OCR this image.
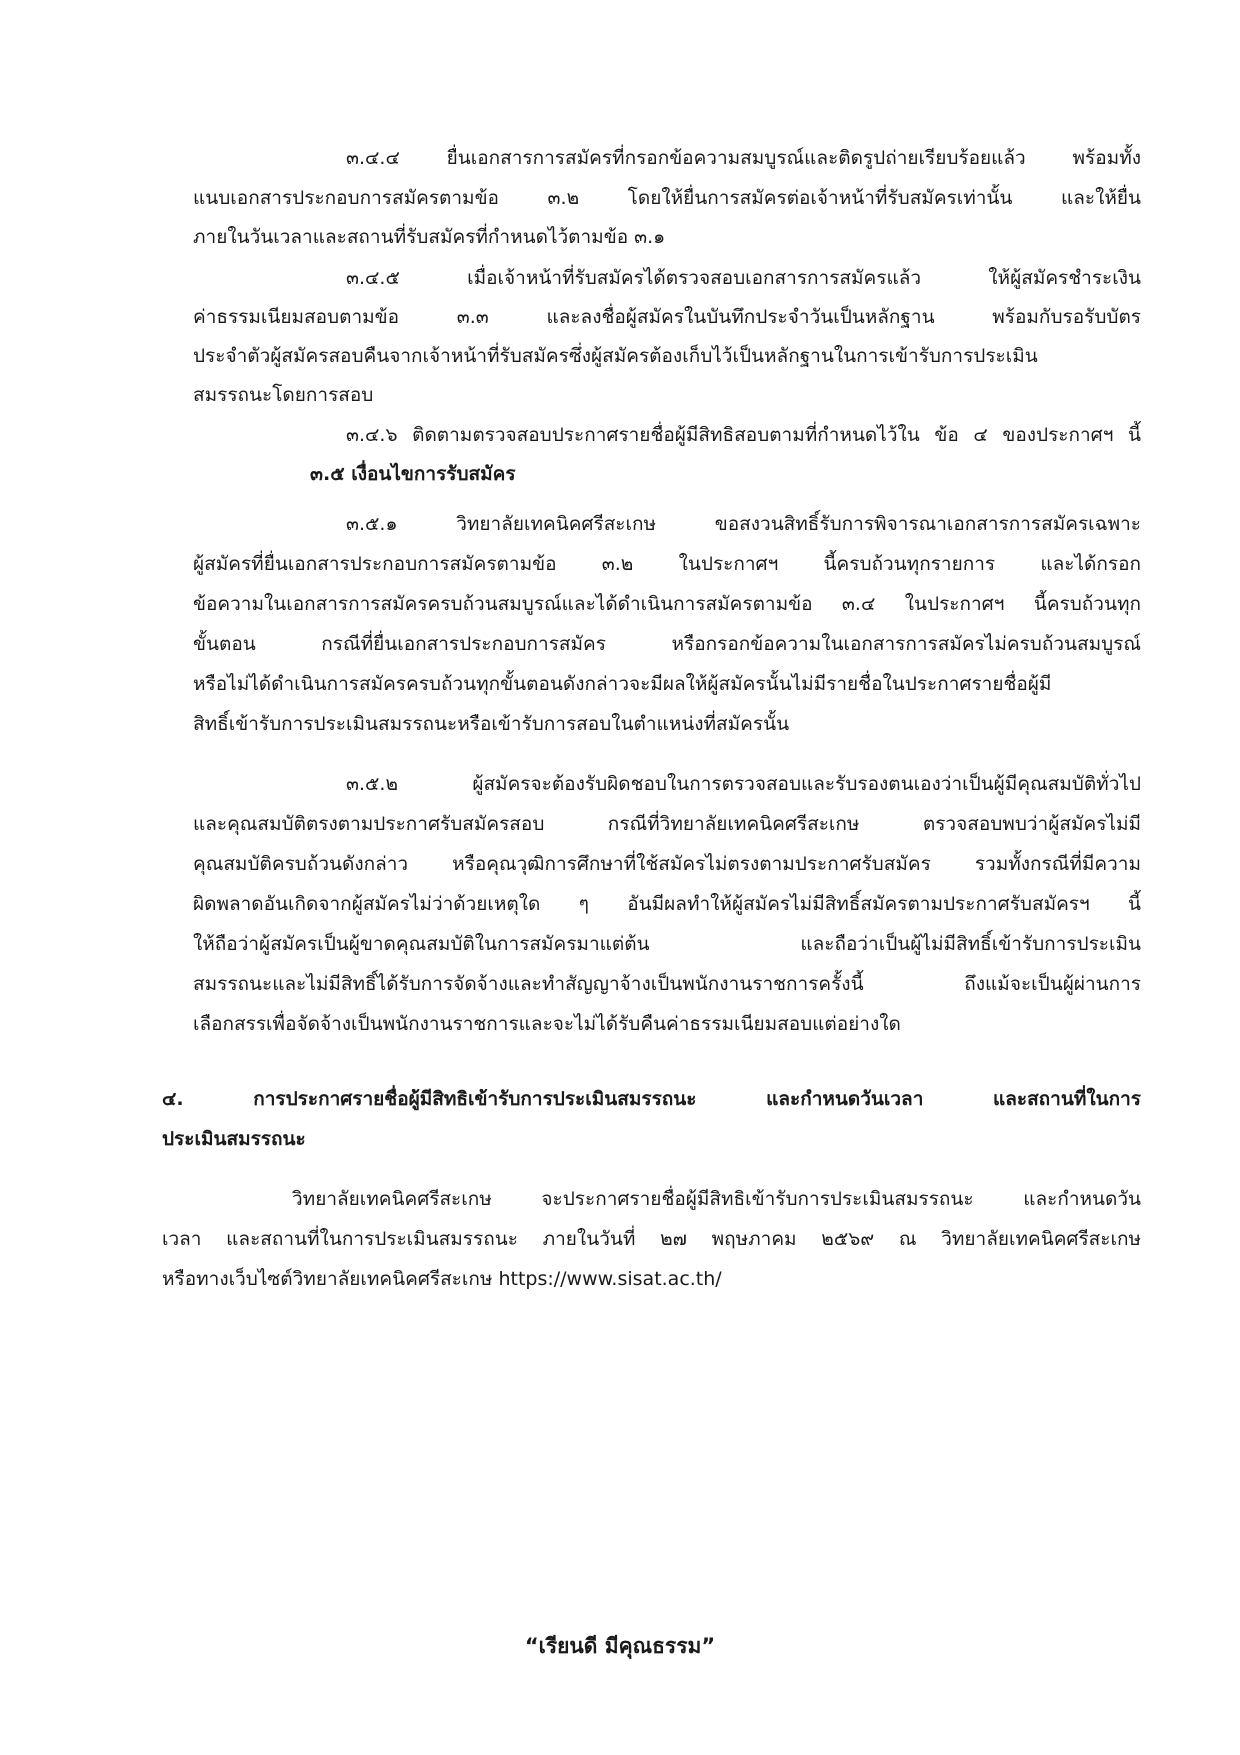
๓.๔.๔ ยื่นเอกสารการสมัครที่กรอกข้อความสมบูรณ์และติดรูปถ่ายเรียบร้อยแล้ว พร้อมทั้ง

แนบเอกสารประกอบการสมัครตามข้อ ๓.๒ โดยให้ยื่นการสมัครต่อเจ้าหน้าที่รับสมัครเท่านั้น และให้ยื่น

ภายในวันเวลาและสถานที่รับสมัครที่กำหนดไว้ตามข้อ ๓.๑

๓.๔.๕ เมื่อเจ้าหน้าที่รับสมัครได้ตรวจสอบเอกสารการสมัครแล้ว ให้ผู้สมัครชำระเงิน

ค่าธรรมเนียมสอบตามข้อ ๓.๓ และลงชื่อผู้สมัครในบันทึกประจำวันเป็นหลักฐาน พร้อมกับรอรับบัตร

ประจำตัวผู้สมัครสอบคืนจากเจ้าหน้าที่รับสมัครซึ่งผู้สมัครต้องเก็บไว้เป็นหลักฐานในการเข้ารับการประเมิน

สมรรถนะโดยการสอบ

๓.๔.๖ ติดตามตรวจสอบประกาศรายชื่อผู้มีสิทธิสอบตามที่กำหนดไว้ใน ข้อ ๔ ของประกาศฯ นี้

๓.๕ เงื่อนไขการรับสมัคร

๓.๕.๑ วิทยาลัยเทคนิคศรีสะเกษ ขอสงวนสิทธิ์รับการพิจารณาเอกสารการสมัครเฉพาะ

ผู้สมัครที่ยื่นเอกสารประกอบการสมัครตามข้อ ๓.๒ ในประกาศฯ นี้ครบถ้วนทุกรายการ และได้กรอก

ข้อความในเอกสารการสมัครครบถ้วนสมบูรณ์และได้ดำเนินการสมัครตามข้อ ๓.๔ ในประกาศฯ นี้ครบถ้วนทุก

ขั้นตอน กรณีที่ยื่นเอกสารประกอบการสมัคร หรือกรอกข้อความในเอกสารการสมัครไม่ครบถ้วนสมบูรณ์

หรือไม่ได้ดำเนินการสมัครครบถ้วนทุกขั้นตอนดังกล่าวจะมีผลให้ผู้สมัครนั้นไม่มีรายชื่อในประกาศรายชื่อผู้มี

สิทธิ์เข้ารับการประเมินสมรรถนะหรือเข้ารับการสอบในตำแหน่งที่สมัครนั้น

๓.๕.๒ ผู้สมัครจะต้องรับผิดชอบในการตรวจสอบและรับรองตนเองว่าเป็นผู้มีคุณสมบัติทั่วไป

และคุณสมบัติตรงตามประกาศรับสมัครสอบ กรณีที่วิทยาลัยเทคนิคศรีสะเกษ ตรวจสอบพบว่าผู้สมัครไม่มี

คุณสมบัติครบถ้วนดังกล่าว หรือคุณวุฒิการศึกษาที่ใช้สมัครไม่ตรงตามประกาศรับสมัคร รวมทั้งกรณีที่มีความ

ผิดพลาดอันเกิดจากผู้สมัครไม่ว่าด้วยเหตุใด ๆ อันมีผลทำให้ผู้สมัครไม่มีสิทธิ์สมัครตามประกาศรับสมัครฯ นี้

ให้ถือว่าผู้สมัครเป็นผู้ขาดคุณสมบัติในการสมัครมาแต่ต้น และถือว่าเป็นผู้ไม่มีสิทธิ์เข้ารับการประเมิน

สมรรถนะและไม่มีสิทธิ์ได้รับการจัดจ้างและทำสัญญาจ้างเป็นพนักงานราชการครั้งนี้ ถึงแม้จะเป็นผู้ผ่านการ

เลือกสรรเพื่อจัดจ้างเป็นพนักงานราชการและจะไม่ได้รับคืนค่าธรรมเนียมสอบแต่อย่างใด

๔. การประกาศรายชื่อผู้มีสิทธิเข้ารับการประเมินสมรรถนะ และกำหนดวันเวลา และสถานที่ในการ

ประเมินสมรรถนะ

วิทยาลัยเทคนิคศรีสะเกษ จะประกาศรายชื่อผู้มีสิทธิเข้ารับการประเมินสมรรถนะ และกำหนดวัน

เวลา และสถานที่ในการประเมินสมรรถนะ ภายในวันที่ ๒๗ พฤษภาคม ๒๕๖๙ ณ วิทยาลัยเทคนิคศรีสะเกษ

หรือทางเว็บไซต์วิทยาลัยเทคนิคศรีสะเกษ https://www.sisat.ac.th/

“เรียนดี มีคุณธรรม”
